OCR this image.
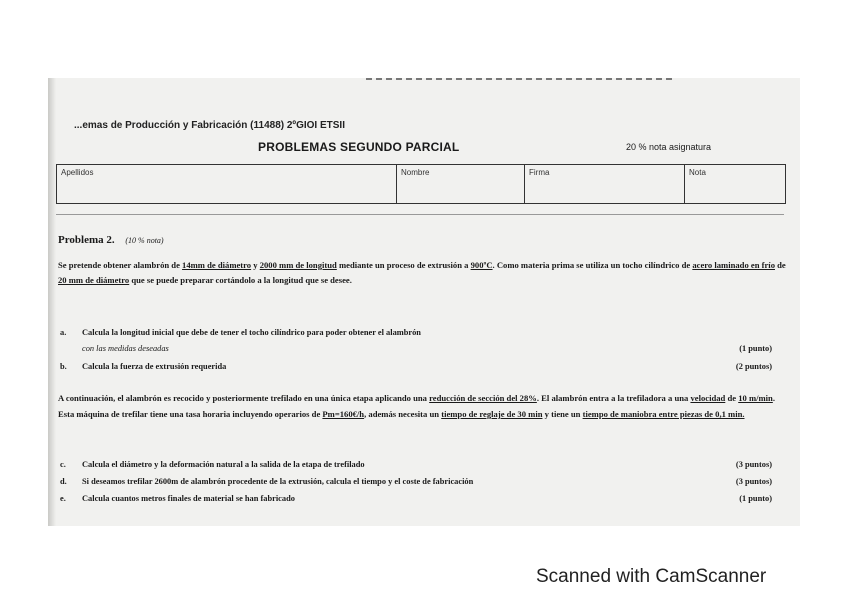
...emas de Producción y Fabricación (11488) 2ºGIOI ETSII
PROBLEMAS SEGUNDO PARCIAL	20 % nota asignatura
Apellidos	Nombre	Firma	Nota
Problema 2. (10 % nota)
Se pretende obtener alambrón de 14mm de diámetro y 2000 mm de longitud mediante un proceso de extrusión a 900ºC. Como materia prima se utiliza un tocho cilíndrico de acero laminado en frío de 20 mm de diámetro que se puede preparar cortándolo a la longitud que se desee.
a. Calcula la longitud inicial que debe de tener el tocho cilíndrico para poder obtener el alambrón
con las medidas deseadas	(1 punto)
b. Calcula la fuerza de extrusión requerida	(2 puntos)
A continuación, el alambrón es recocido y posteriormente trefilado en una única etapa aplicando una reducción de sección del 28%. El alambrón entra a la trefiladora a una velocidad de 10 m/min. Esta máquina de trefilar tiene una tasa horaria incluyendo operarios de Pm=160€/h, además necesita un tiempo de reglaje de 30 min y tiene un tiempo de maniobra entre piezas de 0,1 min.
c. Calcula el diámetro y la deformación natural a la salida de la etapa de trefilado	(3 puntos)
d. Si deseamos trefilar 2600m de alambrón procedente de la extrusión, calcula el tiempo y el coste de fabricación	(3 puntos)
e. Calcula cuantos metros finales de material se han fabricado	(1 punto)
Scanned with CamScanner
